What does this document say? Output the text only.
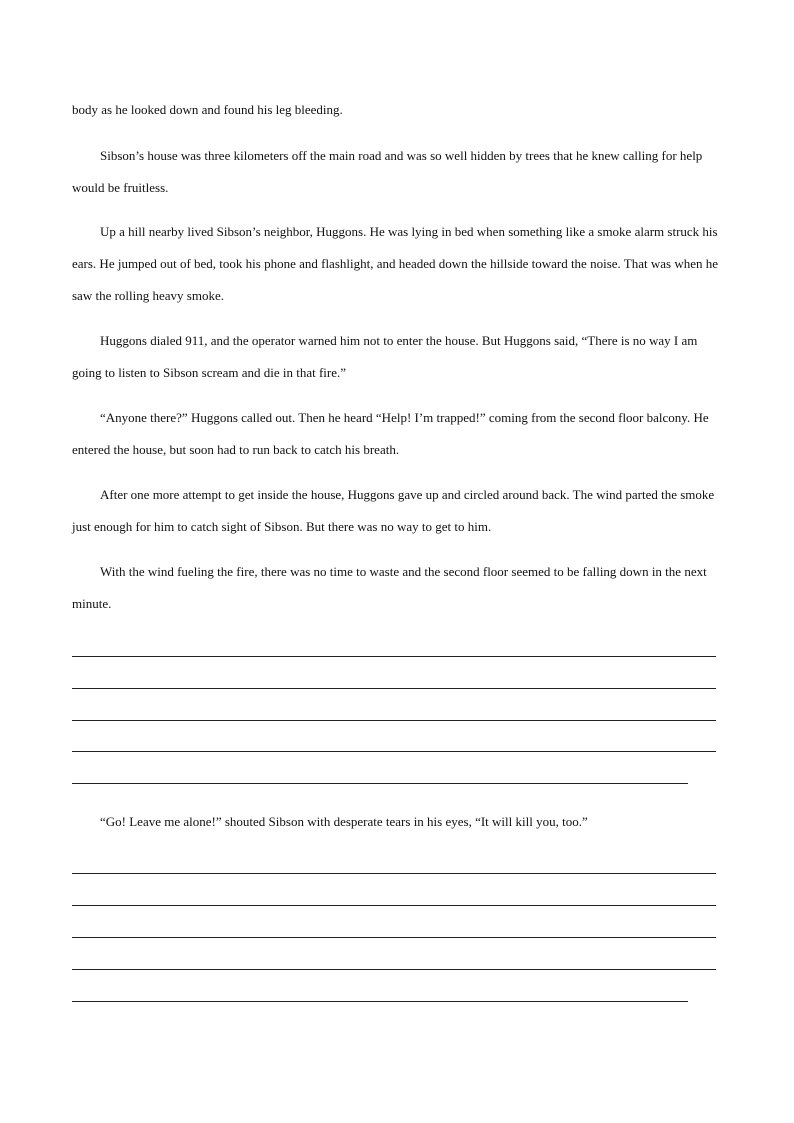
body as he looked down and found his leg bleeding.

Sibson’s house was three kilometers off the main road and was so well hidden by trees that he knew calling for help would be fruitless.

Up a hill nearby lived Sibson’s neighbor, Huggons. He was lying in bed when something like a smoke alarm struck his ears. He jumped out of bed, took his phone and flashlight, and headed down the hillside toward the noise. That was when he saw the rolling heavy smoke.

Huggons dialed 911, and the operator warned him not to enter the house. But Huggons said, “There is no way I am going to listen to Sibson scream and die in that fire.”

“Anyone there?” Huggons called out. Then he heard “Help! I’m trapped!” coming from the second floor balcony. He entered the house, but soon had to run back to catch his breath.

After one more attempt to get inside the house, Huggons gave up and circled around back. The wind parted the smoke just enough for him to catch sight of Sibson. But there was no way to get to him.

With the wind fueling the fire, there was no time to waste and the second floor seemed to be falling down in the next minute.

“Go! Leave me alone!” shouted Sibson with desperate tears in his eyes, “It will kill you, too.”
